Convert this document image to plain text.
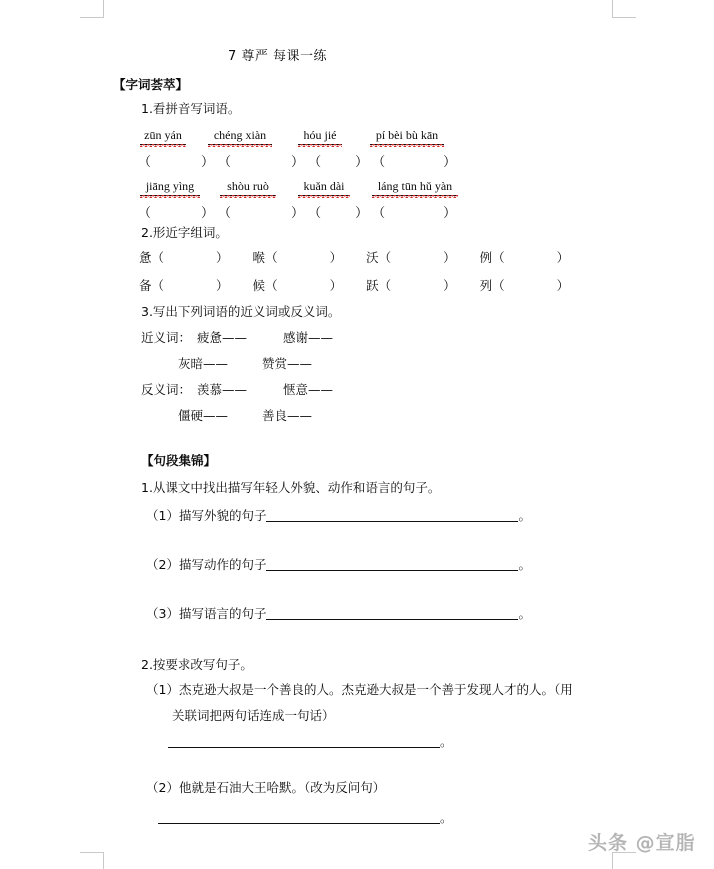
7 尊严 每课一练
【字词荟萃】
1.看拼音写词语。
zūn yán	chéng xiàn	hóu jié	pí bèi bù kān
（	） （	） （	） （	）
jiāng yìng	shòu ruò	kuǎn dài	láng tūn hǔ yàn
（	） （	） （	） （	）
2.形近字组词。
惫（	） 喉（	） 沃（	） 例（	）
备（	） 候（	） 跃（	） 列（	）
3.写出下列词语的近义词或反义词。
近义词： 疲惫——	感谢——
灰暗——	赞赏——
反义词： 羡慕——	惬意——
僵硬——	善良——
【句段集锦】
1.从课文中找出描写年轻人外貌、动作和语言的句子。
（1）描写外貌的句子	。
（2）描写动作的句子	。
（3）描写语言的句子	。
2.按要求改写句子。
（1）杰克逊大叔是一个善良的人。杰克逊大叔是一个善于发现人才的人。（用
关联词把两句话连成一句话）
。
（2）他就是石油大王哈默。（改为反问句）
。
头条 @宣脂
